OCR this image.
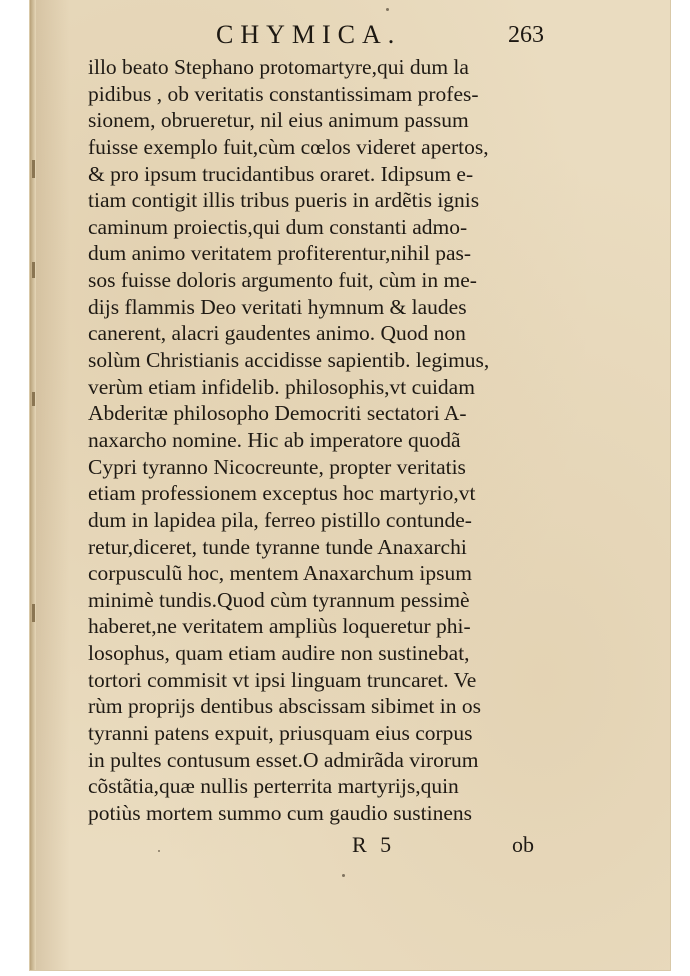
CHYMICA.	263
illo beato Stephano protomartyre,qui dum la
pidibus , ob veritatis constantissimam profes-
sionem, obrueretur, nil eius animum passum
fuisse exemplo fuit,cùm cœlos videret apertos,
& pro ipsum trucidantibus oraret. Idipsum e-
tiam contigit illis tribus pueris in ardẽtis ignis
caminum proiectis,qui dum constanti admo-
dum animo veritatem profiterentur,nihil pas-
sos fuisse doloris argumento fuit, cùm in me-
dijs flammis Deo veritati hymnum & laudes
canerent, alacri gaudentes animo. Quod non
solùm Christianis accidisse sapientib. legimus,
verùm etiam infidelib. philosophis,vt cuidam
Abderitæ philosopho Democriti sectatori A-
naxarcho nomine. Hic ab imperatore quodã
Cypri tyranno Nicocreunte, propter veritatis
etiam professionem exceptus hoc martyrio,vt
dum in lapidea pila, ferreo pistillo contunde-
retur,diceret, tunde tyranne tunde Anaxarchi
corpusculũ hoc, mentem Anaxarchum ipsum
minimè tundis.Quod cùm tyrannum pessimè
haberet,ne veritatem ampliùs loqueretur phi-
losophus, quam etiam audire non sustinebat,
tortori commisit vt ipsi linguam truncaret. Ve
rùm proprijs dentibus abscissam sibimet in os
tyranni patens expuit, priusquam eius corpus
in pultes contusum esset.O admirãda virorum
cõstãtia,quæ nullis perterrita martyrijs,quin
potiùs mortem summo cum gaudio sustinens
R 5	ob
